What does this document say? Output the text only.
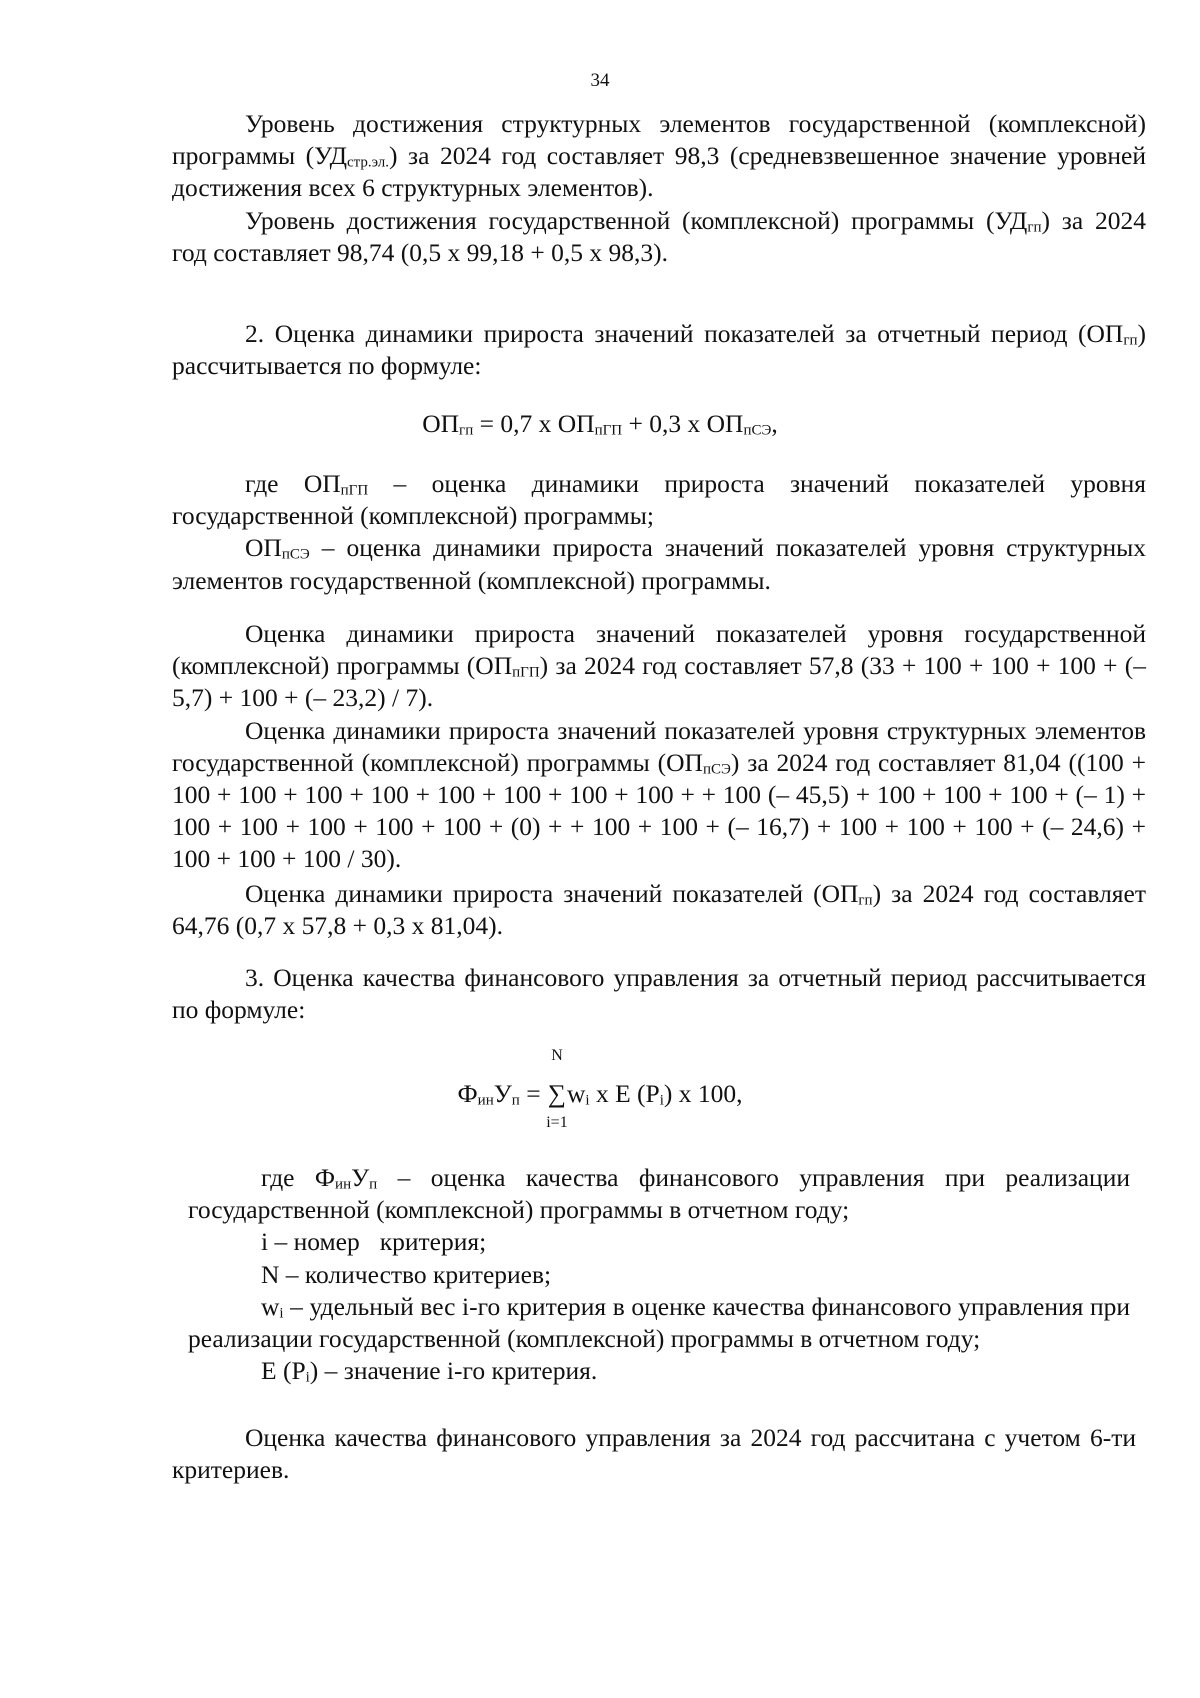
34

Уровень достижения структурных элементов государственной (комплексной) программы $(УД_{стр.эл.})$ за 2024 год составляет 98,3 (средневзвешенное значение уровней достижения всех 6 структурных элементов).

Уровень достижения государственной (комплексной) программы $(УД_{гп})$ за 2024 год составляет 98,74 (0,5 x 99,18 + 0,5 x 98,3).

2. Оценка динамики прироста значений показателей за отчетный период $(ОП_{гп})$ рассчитывается по формуле:

$ОП_{гп} = 0,7$ x $ОП_{пГП} + 0,3$ x $ОП_{пСЭ}$,

где $ОП_{пГП}$ – оценка динамики прироста значений показателей уровня государственной (комплексной) программы;

$ОП_{пСЭ}$ – оценка динамики прироста значений показателей уровня структурных элементов государственной (комплексной) программы.

Оценка динамики прироста значений показателей уровня государственной (комплексной) программы $(ОП_{пГП})$ за 2024 год составляет 57,8 (33 + 100 + 100 + 100 + (– 5,7) + 100 + (– 23,2) / 7).

Оценка динамики прироста значений показателей уровня структурных элементов государственной (комплексной) программы $(ОП_{пСЭ})$ за 2024 год составляет 81,04 ((100 + 100 + 100 + 100 + 100 + 100 + 100 + 100 + 100 + + 100 (– 45,5) + 100 + 100 + 100 + (– 1) + 100 + 100 + 100 + 100 + 100 + (0) + + 100 + 100 + (– 16,7) + 100 + 100 + 100 + (– 24,6) + 100 + 100 + 100 / 30).

Оценка динамики прироста значений показателей $(ОП_{гп})$ за 2024 год составляет 64,76 (0,7 x 57,8 + 0,3 x 81,04).

3. Оценка качества финансового управления за отчетный период рассчитывается по формуле:

$Ф_{ин}У_п$ =
N
∑
i=1
$w_i$ x E $(P_i)$ x 100,

где $Ф_{ин}У_п$ – оценка качества финансового управления при реализации государственной (комплексной) программы в отчетном году;

i – номер критерия;

N – количество критериев;

$w_i$ – удельный вес i-го критерия в оценке качества финансового управления при реализации государственной (комплексной) программы в отчетном году;

E $(P_i)$ – значение i-го критерия.

Оценка качества финансового управления за 2024 год рассчитана с учетом 6-ти критериев.
